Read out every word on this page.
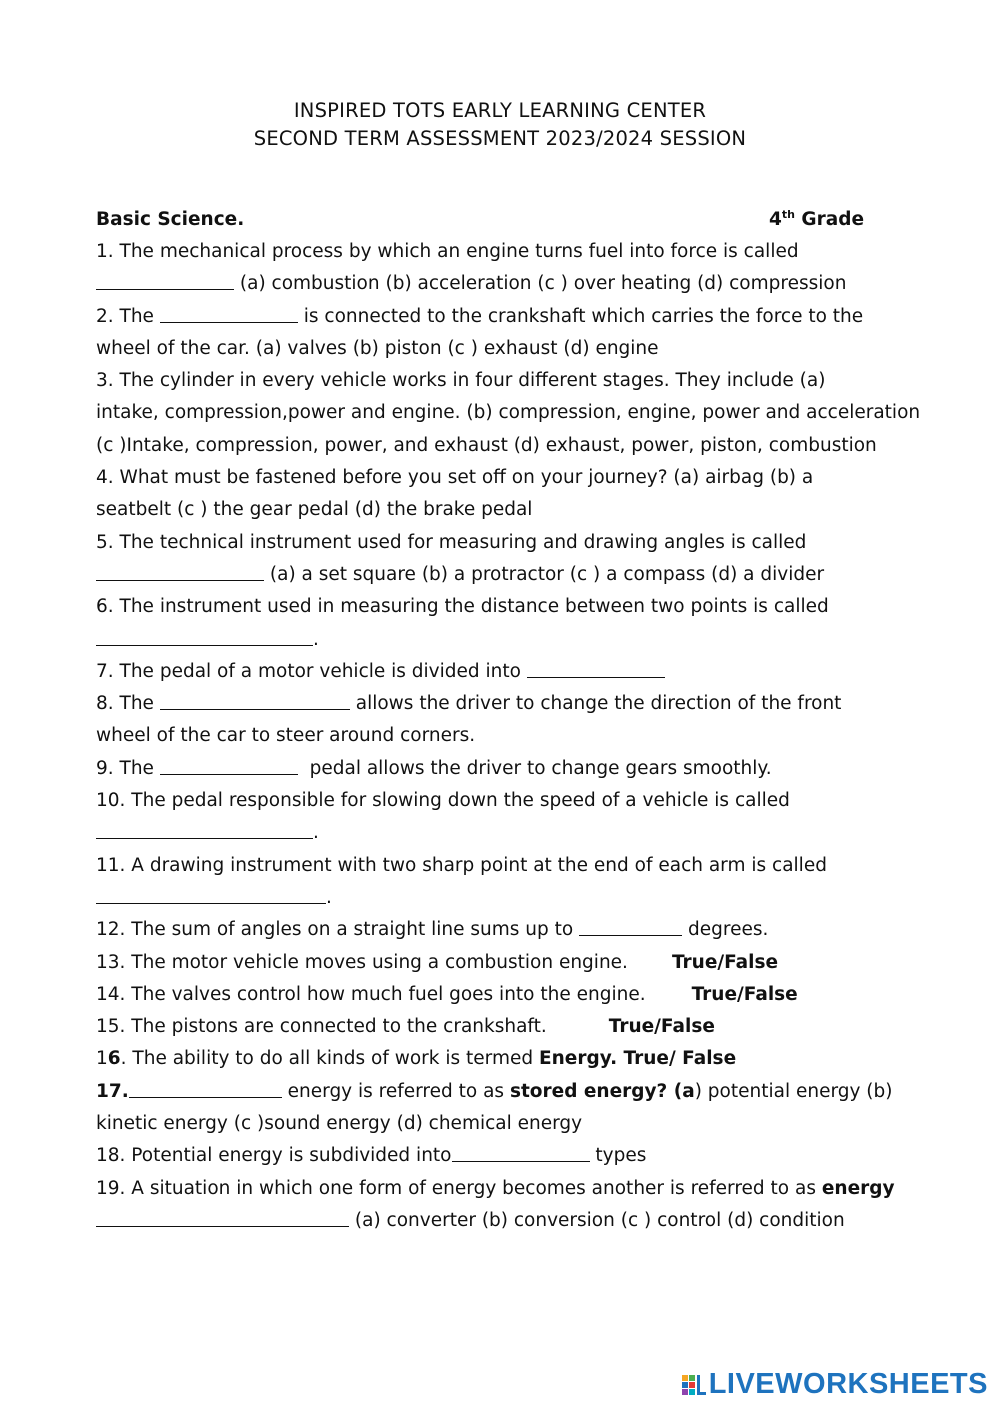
INSPIRED TOTS EARLY LEARNING CENTER
SECOND TERM ASSESSMENT 2023/2024 SESSION
Basic Science.	4th Grade
1. The mechanical process by which an engine turns fuel into force is called
(a) combustion (b) acceleration (c ) over heating (d) compression
2. The	is connected to the crankshaft which carries the force to the
wheel of the car. (a) valves (b) piston (c ) exhaust (d) engine
3. The cylinder in every vehicle works in four different stages. They include (a)
intake, compression,power and engine. (b) compression, engine, power and acceleration
(c )Intake, compression, power, and exhaust (d) exhaust, power, piston, combustion
4. What must be fastened before you set off on your journey? (a) airbag (b) a
seatbelt (c ) the gear pedal (d) the brake pedal
5. The technical instrument used for measuring and drawing angles is called
(a) a set square (b) a protractor (c ) a compass (d) a divider
6. The instrument used in measuring the distance between two points is called
.
7. The pedal of a motor vehicle is divided into
8. The	allows the driver to change the direction of the front
wheel of the car to steer around corners.
9. The	pedal allows the driver to change gears smoothly.
10. The pedal responsible for slowing down the speed of a vehicle is called
.
11. A drawing instrument with two sharp point at the end of each arm is called
.
12. The sum of angles on a straight line sums up to	degrees.
13. The motor vehicle moves using a combustion engine. True/False
14. The valves control how much fuel goes into the engine. True/False
15. The pistons are connected to the crankshaft.	True/False
16. The ability to do all kinds of work is termed Energy. True/ False
17.	energy is referred to as stored energy? (a) potential energy (b)
kinetic energy (c )sound energy (d) chemical energy
18. Potential energy is subdivided into	types
19. A situation in which one form of energy becomes another is referred to as energy
(a) converter (b) conversion (c ) control (d) condition
LIVEWORKSHEETS
